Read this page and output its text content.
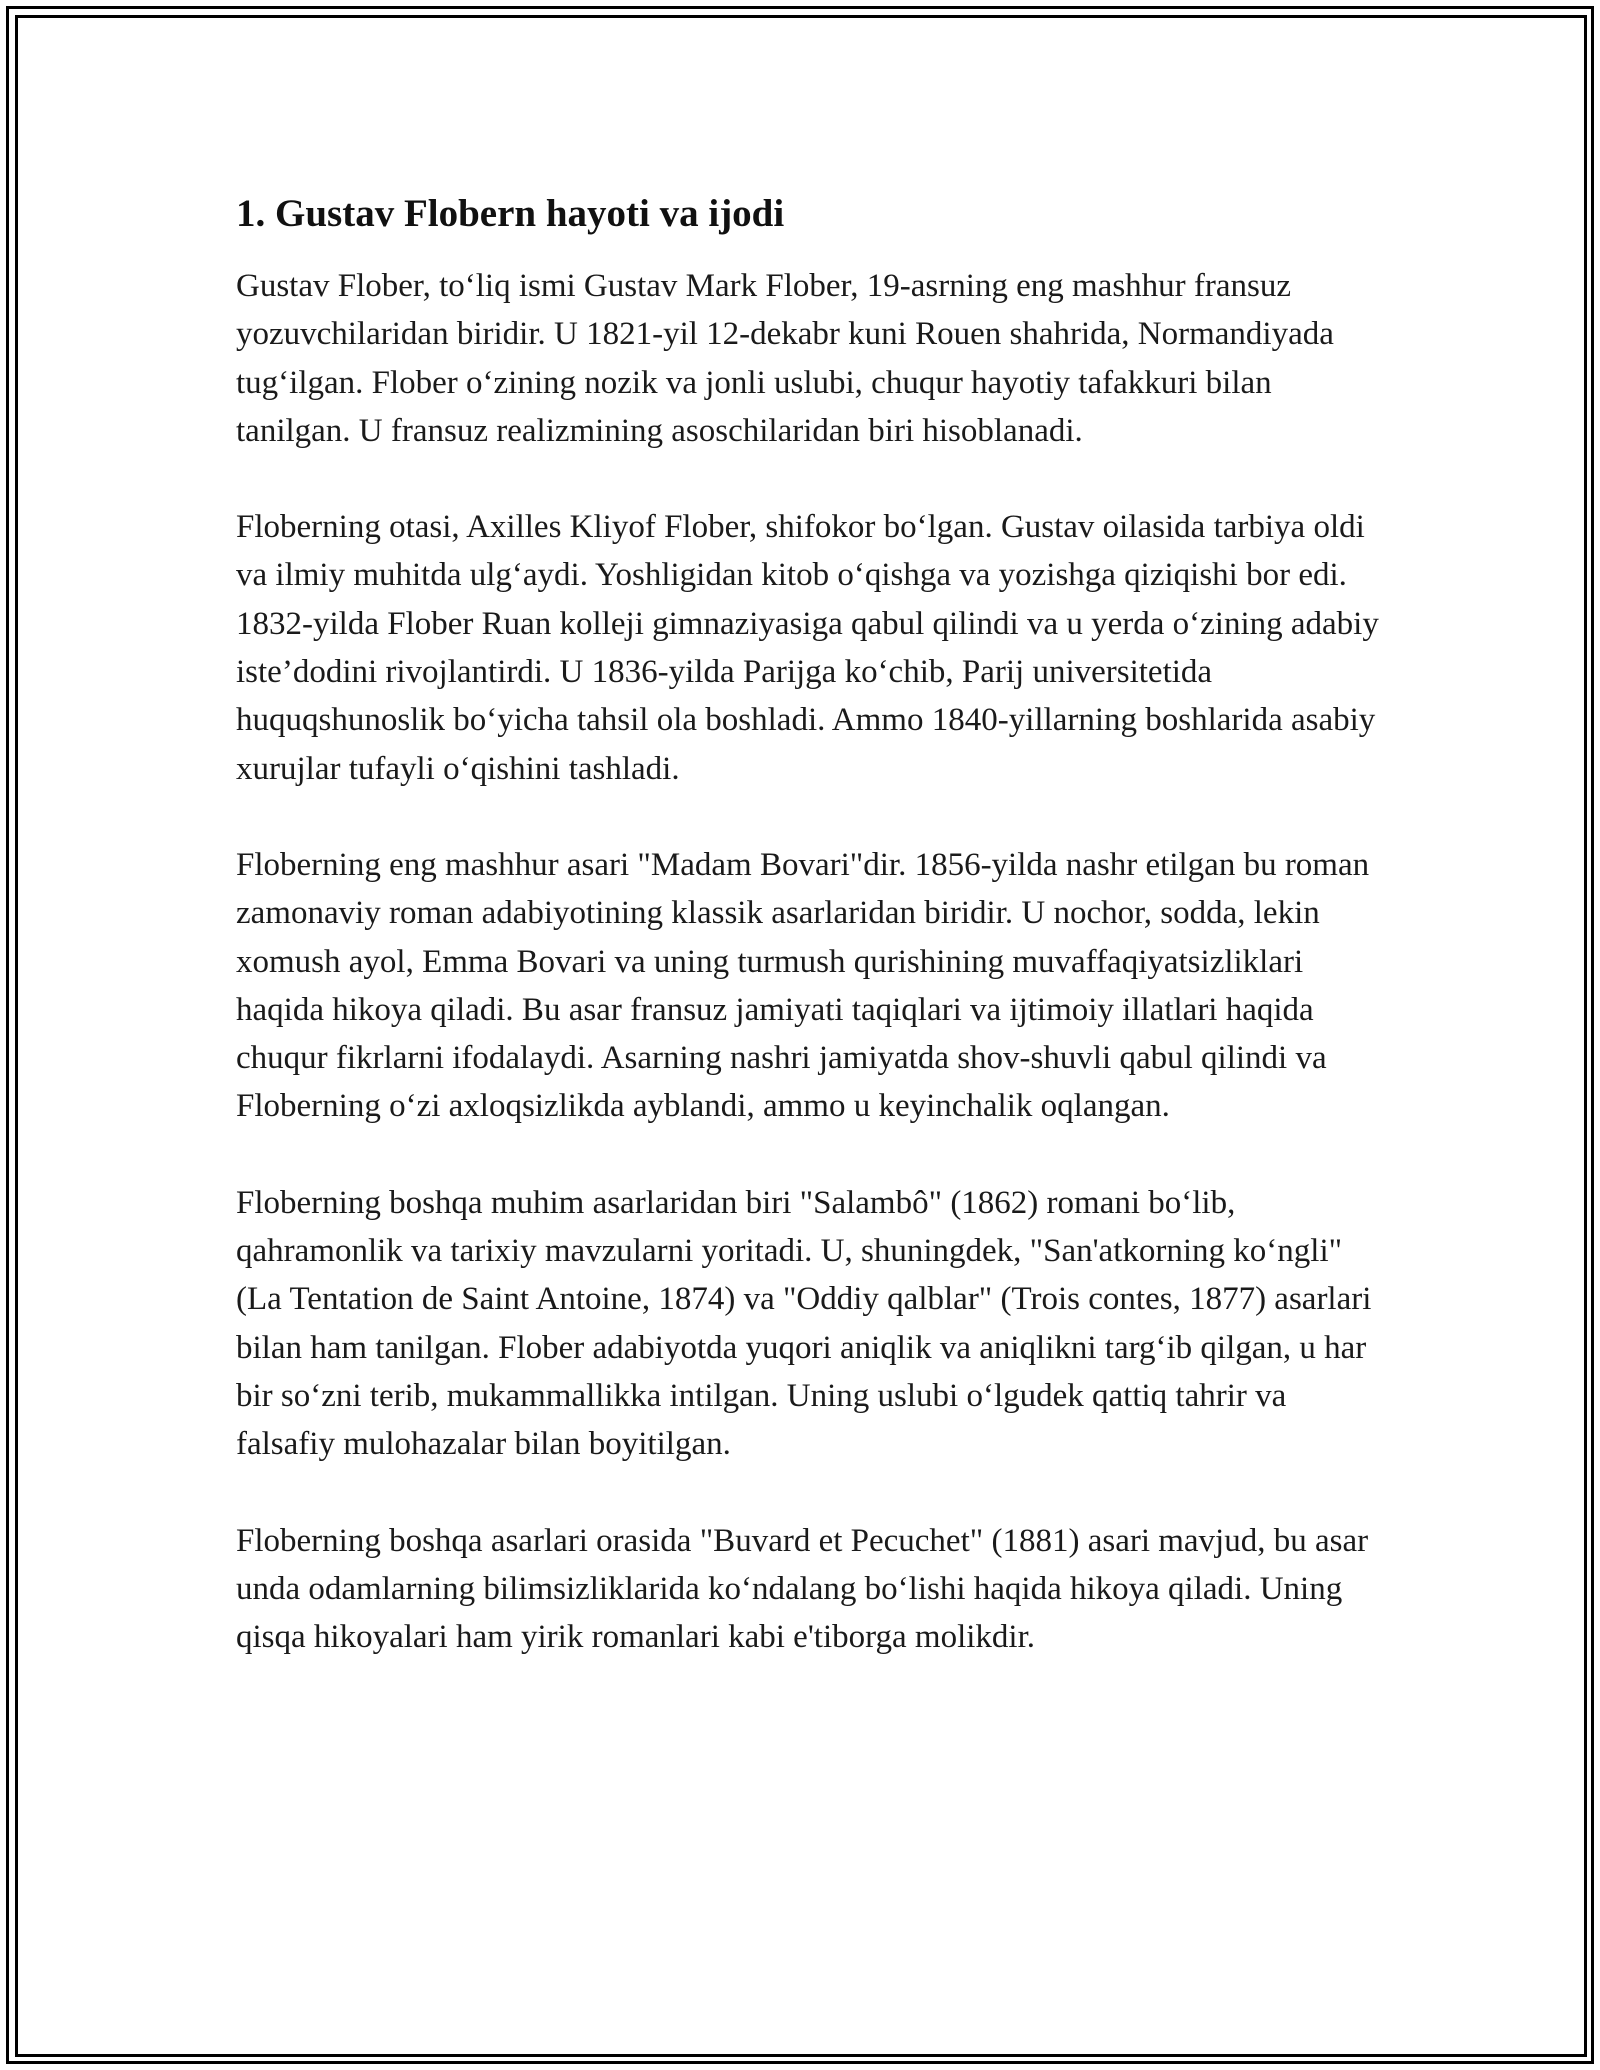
1. Gustav Flobern hayoti va ijodi

Gustav Flober, to‘liq ismi Gustav Mark Flober, 19-asrning eng mashhur fransuz yozuvchilaridan biridir. U 1821-yil 12-dekabr kuni Rouen shahrida, Normandiyada tug‘ilgan. Flober o‘zining nozik va jonli uslubi, chuqur hayotiy tafakkuri bilan tanilgan. U fransuz realizmining asoschilaridan biri hisoblanadi.

Floberning otasi, Axilles Kliyof Flober, shifokor bo‘lgan. Gustav oilasida tarbiya oldi va ilmiy muhitda ulg‘aydi. Yoshligidan kitob o‘qishga va yozishga qiziqishi bor edi. 1832-yilda Flober Ruan kolleji gimnaziyasiga qabul qilindi va u yerda o‘zining adabiy iste’dodini rivojlantirdi. U 1836-yilda Parijga ko‘chib, Parij universitetida huquqshunoslik bo‘yicha tahsil ola boshladi. Ammo 1840-yillarning boshlarida asabiy xurujlar tufayli o‘qishini tashladi.

Floberning eng mashhur asari "Madam Bovari"dir. 1856-yilda nashr etilgan bu roman zamonaviy roman adabiyotining klassik asarlaridan biridir. U nochor, sodda, lekin xomush ayol, Emma Bovari va uning turmush qurishining muvaffaqiyatsizliklari haqida hikoya qiladi. Bu asar fransuz jamiyati taqiqlari va ijtimoiy illatlari haqida chuqur fikrlarni ifodalaydi. Asarning nashri jamiyatda shov-shuvli qabul qilindi va Floberning o‘zi axloqsizlikda ayblandi, ammo u keyinchalik oqlangan.

Floberning boshqa muhim asarlaridan biri "Salambô" (1862) romani bo‘lib, qahramonlik va tarixiy mavzularni yoritadi. U, shuningdek, "San'atkorning ko‘ngli" (La Tentation de Saint Antoine, 1874) va "Oddiy qalblar" (Trois contes, 1877) asarlari bilan ham tanilgan. Flober adabiyotda yuqori aniqlik va aniqlikni targ‘ib qilgan, u har bir so‘zni terib, mukammallikka intilgan. Uning uslubi o‘lgudek qattiq tahrir va falsafiy mulohazalar bilan boyitilgan.

Floberning boshqa asarlari orasida "Buvard et Pecuchet" (1881) asari mavjud, bu asar unda odamlarning bilimsizliklarida ko‘ndalang bo‘lishi haqida hikoya qiladi. Uning qisqa hikoyalari ham yirik romanlari kabi e'tiborga molikdir.
